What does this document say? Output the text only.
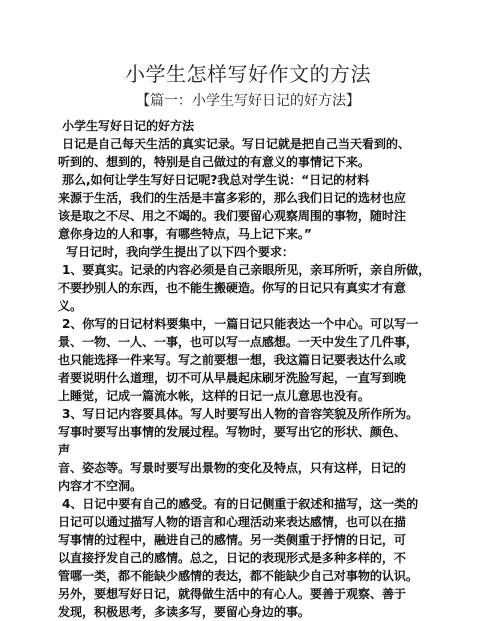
小学生怎样写好作文的方法
【篇一：小学生写好日记的好方法】
小学生写好日记的好方法
日记是自己每天生活的真实记录。写日记就是把自己当天看到的、
听到的、想到的，特别是自己做过的有意义的事情记下来。
那么,如何让学生写好日记呢?我总对学生说：“日记的材料
来源于生活，我们的生活是丰富多彩的，那么我们日记的选材也应
该是取之不尽、用之不竭的。我们要留心观察周围的事物，随时注
意你身边的人和事，有哪些特点，马上记下来。”
写日记时，我向学生提出了以下四个要求：
1、要真实。记录的内容必须是自己亲眼所见，亲耳所听，亲自所做，
不要抄别人的东西，也不能生搬硬造。你写的日记只有真实才有意
义。
2、你写的日记材料要集中，一篇日记只能表达一个中心。可以写一
景、一物、一人、一事，也可以写一点感想。一天中发生了几件事，
也只能选择一件来写。写之前要想一想，我这篇日记要表达什么或
者要说明什么道理，切不可从早晨起床刷牙洗脸写起，一直写到晚
上睡觉，记成一篇流水帐，这样的日记一点儿意思也没有。
3、写日记内容要具体。写人时要写出人物的音容笑貌及所作所为。
写事时要写出事情的发展过程。写物时，要写出它的形状、颜色、
声
音、姿态等。写景时要写出景物的变化及特点，只有这样，日记的
内容才不空洞。
4、日记中要有自己的感受。有的日记侧重于叙述和描写，这一类的
日记可以通过描写人物的语言和心理活动来表达感情，也可以在描
写事情的过程中，融进自己的感情。另一类侧重于抒情的日记，可
以直接抒发自己的感情。总之，日记的表现形式是多种多样的，不
管哪一类，都不能缺少感情的表达，都不能缺少自己对事物的认识。
另外，要想写好日记，就得做生活中的有心人。要善于观察、善于
发现，积极思考，多读多写，要留心身边的事。
